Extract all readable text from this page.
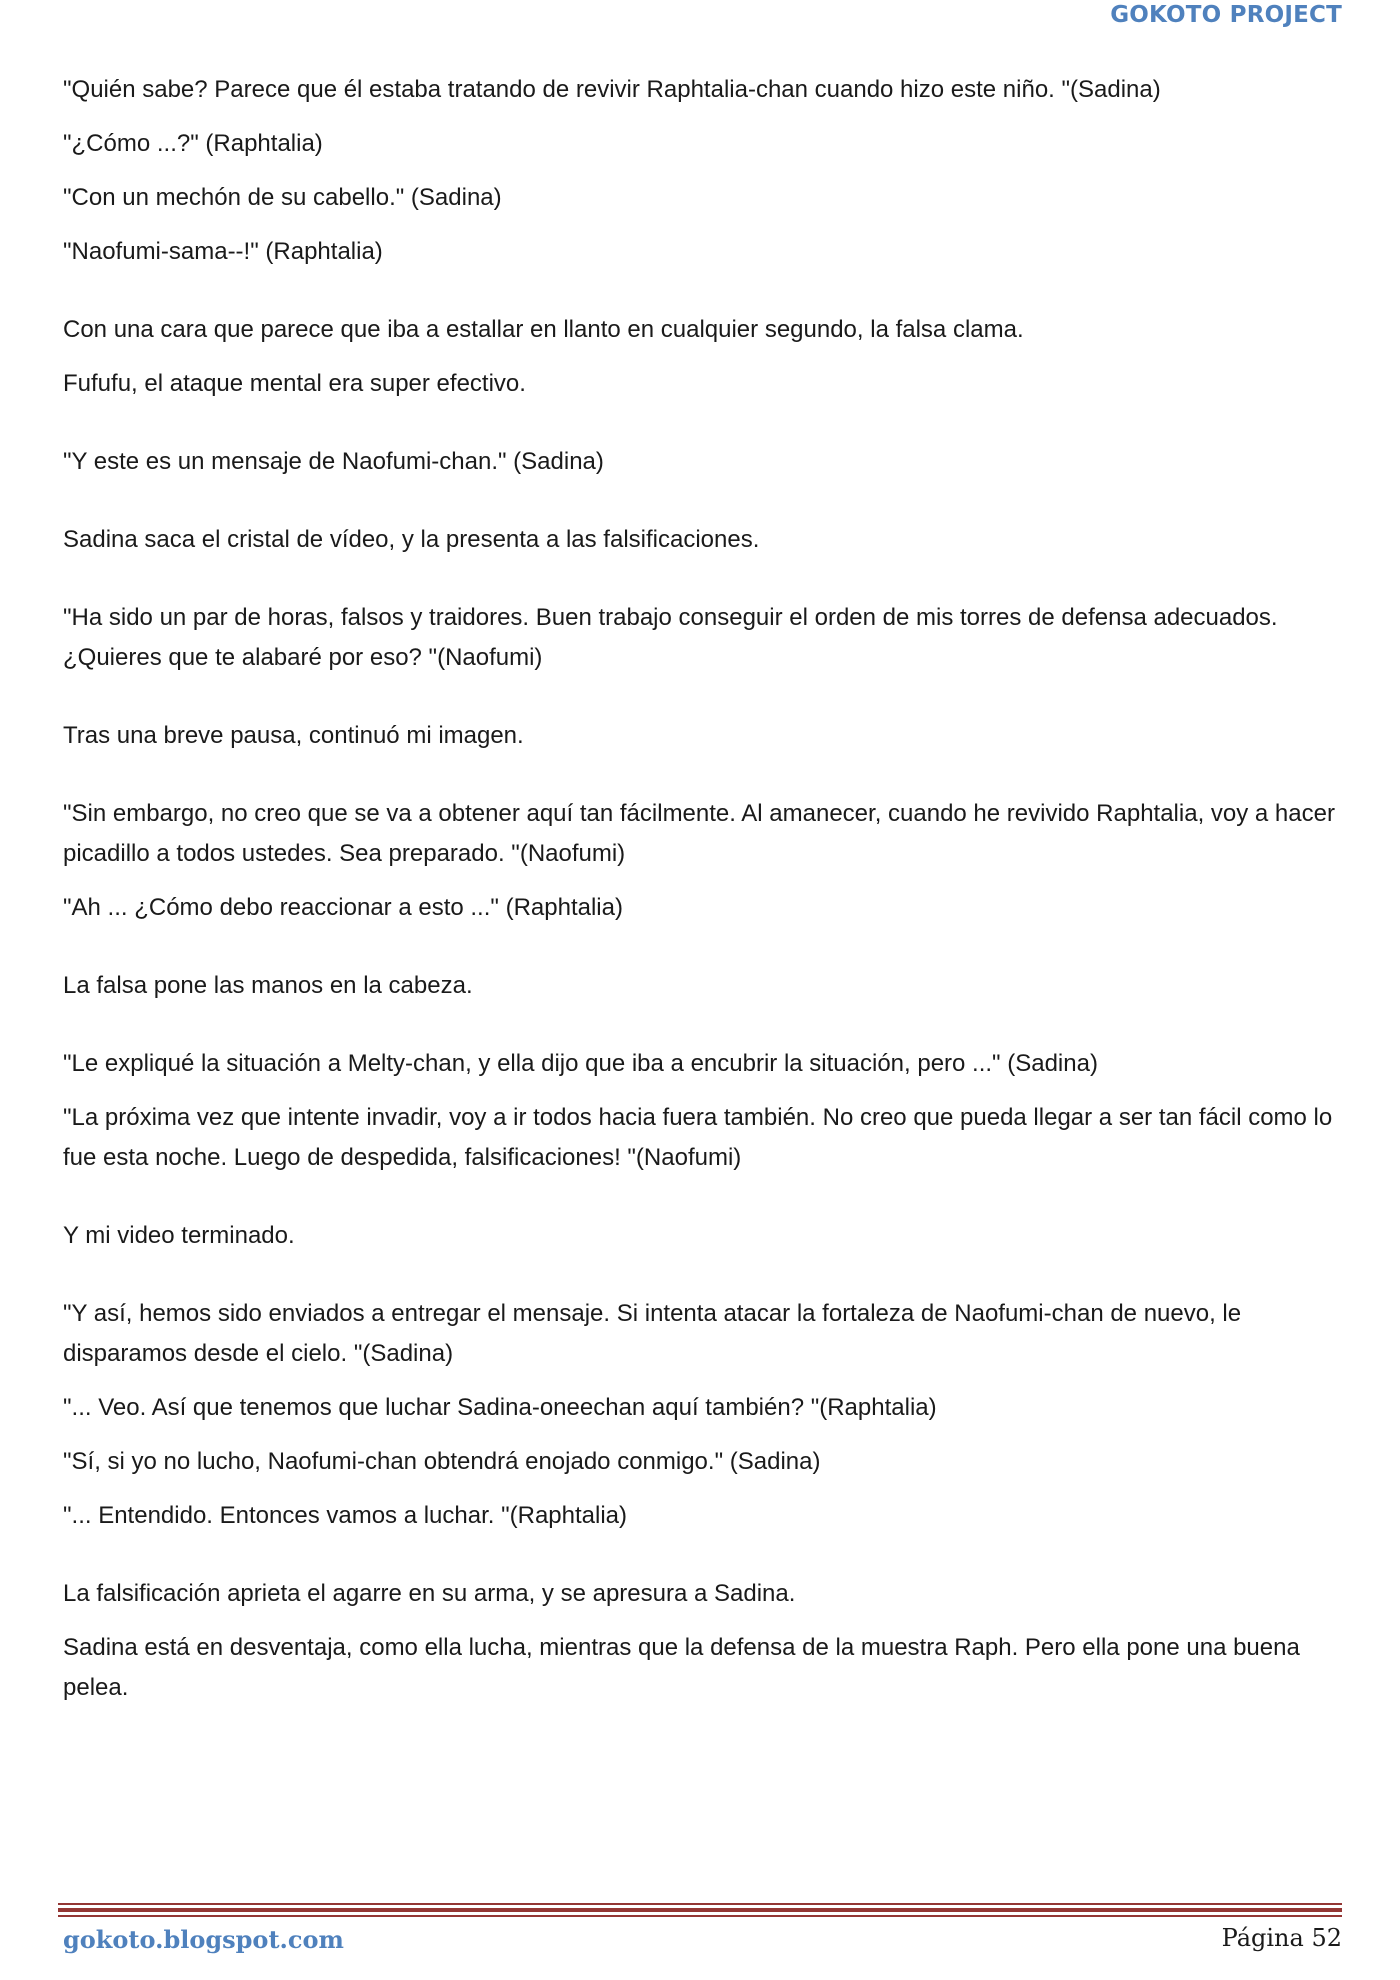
GOKOTO PROJECT

"Quién sabe? Parece que él estaba tratando de revivir Raphtalia-chan cuando hizo este niño. "(Sadina)

"¿Cómo ...?" (Raphtalia)

"Con un mechón de su cabello." (Sadina)

"Naofumi-sama--!" (Raphtalia)

Con una cara que parece que iba a estallar en llanto en cualquier segundo, la falsa clama.

Fufufu, el ataque mental era super efectivo.

"Y este es un mensaje de Naofumi-chan." (Sadina)

Sadina saca el cristal de vídeo, y la presenta a las falsificaciones.

"Ha sido un par de horas, falsos y traidores. Buen trabajo conseguir el orden de mis torres de defensa adecuados. ¿Quieres que te alabaré por eso? "(Naofumi)

Tras una breve pausa, continuó mi imagen.

"Sin embargo, no creo que se va a obtener aquí tan fácilmente. Al amanecer, cuando he revivido Raphtalia, voy a hacer picadillo a todos ustedes. Sea preparado. "(Naofumi)

"Ah ... ¿Cómo debo reaccionar a esto ..." (Raphtalia)

La falsa pone las manos en la cabeza.

"Le expliqué la situación a Melty-chan, y ella dijo que iba a encubrir la situación, pero ..." (Sadina)

"La próxima vez que intente invadir, voy a ir todos hacia fuera también. No creo que pueda llegar a ser tan fácil como lo fue esta noche. Luego de despedida, falsificaciones! "(Naofumi)

Y mi video terminado.

"Y así, hemos sido enviados a entregar el mensaje. Si intenta atacar la fortaleza de Naofumi-chan de nuevo, le disparamos desde el cielo. "(Sadina)

"... Veo. Así que tenemos que luchar Sadina-oneechan aquí también? "(Raphtalia)

"Sí, si yo no lucho, Naofumi-chan obtendrá enojado conmigo." (Sadina)

"... Entendido. Entonces vamos a luchar. "(Raphtalia)

La falsificación aprieta el agarre en su arma, y se apresura a Sadina.

Sadina está en desventaja, como ella lucha, mientras que la defensa de la muestra Raph. Pero ella pone una buena pelea.

gokoto.blogspot.com	Página 52
